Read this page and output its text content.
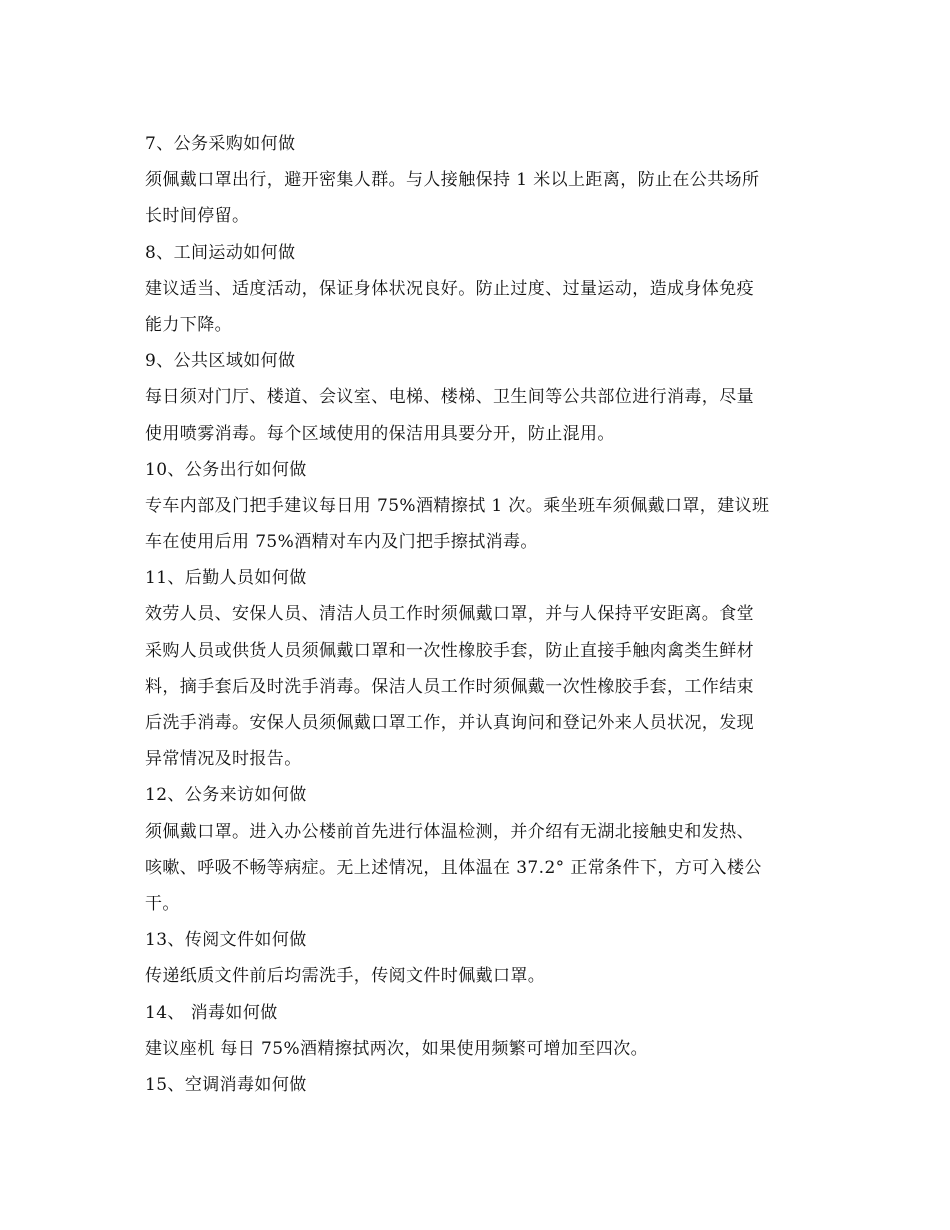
7、公务采购如何做
须佩戴口罩出行，避开密集人群。与人接触保持 1 米以上距离，防止在公共场所
长时间停留。
8、工间运动如何做
建议适当、适度活动，保证身体状况良好。防止过度、过量运动，造成身体免疫
能力下降。
9、公共区域如何做
每日须对门厅、楼道、会议室、电梯、楼梯、卫生间等公共部位进行消毒，尽量
使用喷雾消毒。每个区域使用的保洁用具要分开，防止混用。
10、公务出行如何做
专车内部及门把手建议每日用 75%酒精擦拭 1 次。乘坐班车须佩戴口罩，建议班
车在使用后用 75%酒精对车内及门把手擦拭消毒。
11、后勤人员如何做
效劳人员、安保人员、清洁人员工作时须佩戴口罩，并与人保持平安距离。食堂
采购人员或供货人员须佩戴口罩和一次性橡胶手套，防止直接手触肉禽类生鲜材
料，摘手套后及时洗手消毒。保洁人员工作时须佩戴一次性橡胶手套，工作结束
后洗手消毒。安保人员须佩戴口罩工作，并认真询问和登记外来人员状况，发现
异常情况及时报告。
12、公务来访如何做
须佩戴口罩。进入办公楼前首先进行体温检测，并介绍有无湖北接触史和发热、
咳嗽、呼吸不畅等病症。无上述情况，且体温在 37.2° 正常条件下，方可入楼公
干。
13、传阅文件如何做
传递纸质文件前后均需洗手，传阅文件时佩戴口罩。
14、 消毒如何做
建议座机 每日 75%酒精擦拭两次，如果使用频繁可增加至四次。
15、空调消毒如何做
